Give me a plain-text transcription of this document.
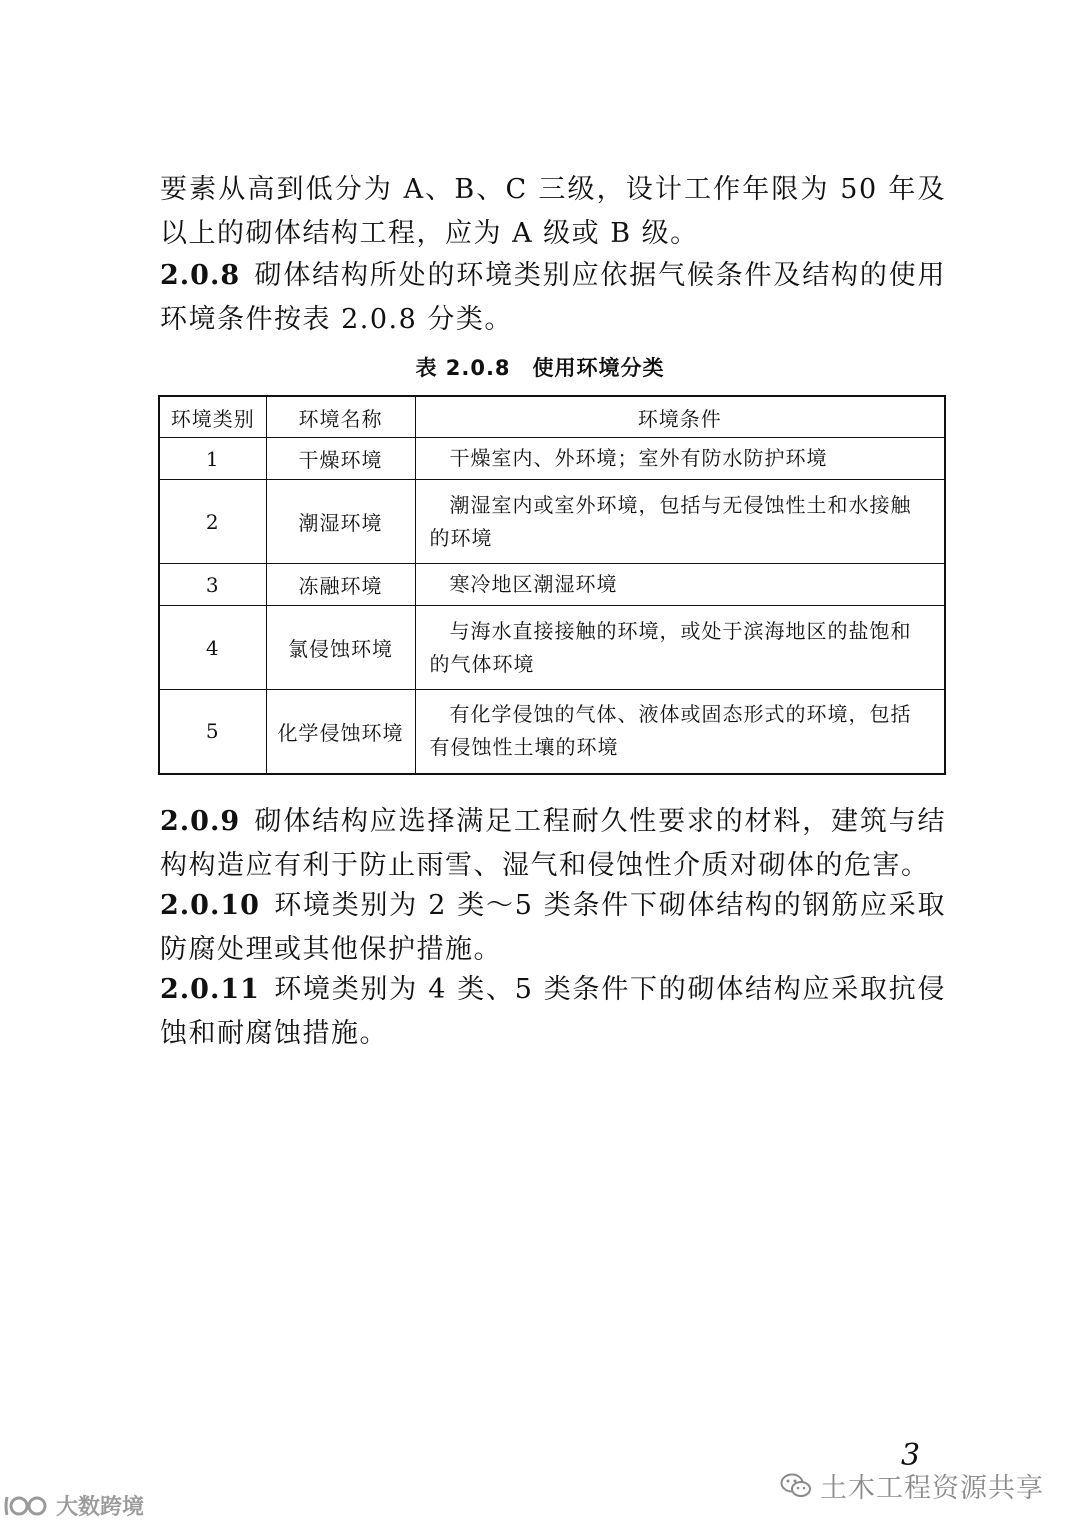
要素从高到低分为 A、B、C 三级，设计工作年限为 50 年及以上的砌体结构工程，应为 A 级或 B 级。
2.0.8 砌体结构所处的环境类别应依据气候条件及结构的使用环境条件按表 2.0.8 分类。
表 2.0.8 使用环境分类
环境类别	环境名称	环境条件
1	干燥环境	干燥室内、外环境；室外有防水防护环境
2	潮湿环境	潮湿室内或室外环境，包括与无侵蚀性土和水接触的环境
3	冻融环境	寒冷地区潮湿环境
4	氯侵蚀环境	与海水直接接触的环境，或处于滨海地区的盐饱和的气体环境
5	化学侵蚀环境	有化学侵蚀的气体、液体或固态形式的环境，包括有侵蚀性土壤的环境
2.0.9 砌体结构应选择满足工程耐久性要求的材料，建筑与结构构造应有利于防止雨雪、湿气和侵蚀性介质对砌体的危害。
2.0.10 环境类别为 2 类～5 类条件下砌体结构的钢筋应采取防腐处理或其他保护措施。
2.0.11 环境类别为 4 类、5 类条件下的砌体结构应采取抗侵蚀和耐腐蚀措施。
3
土木工程资源共享
大数跨境
